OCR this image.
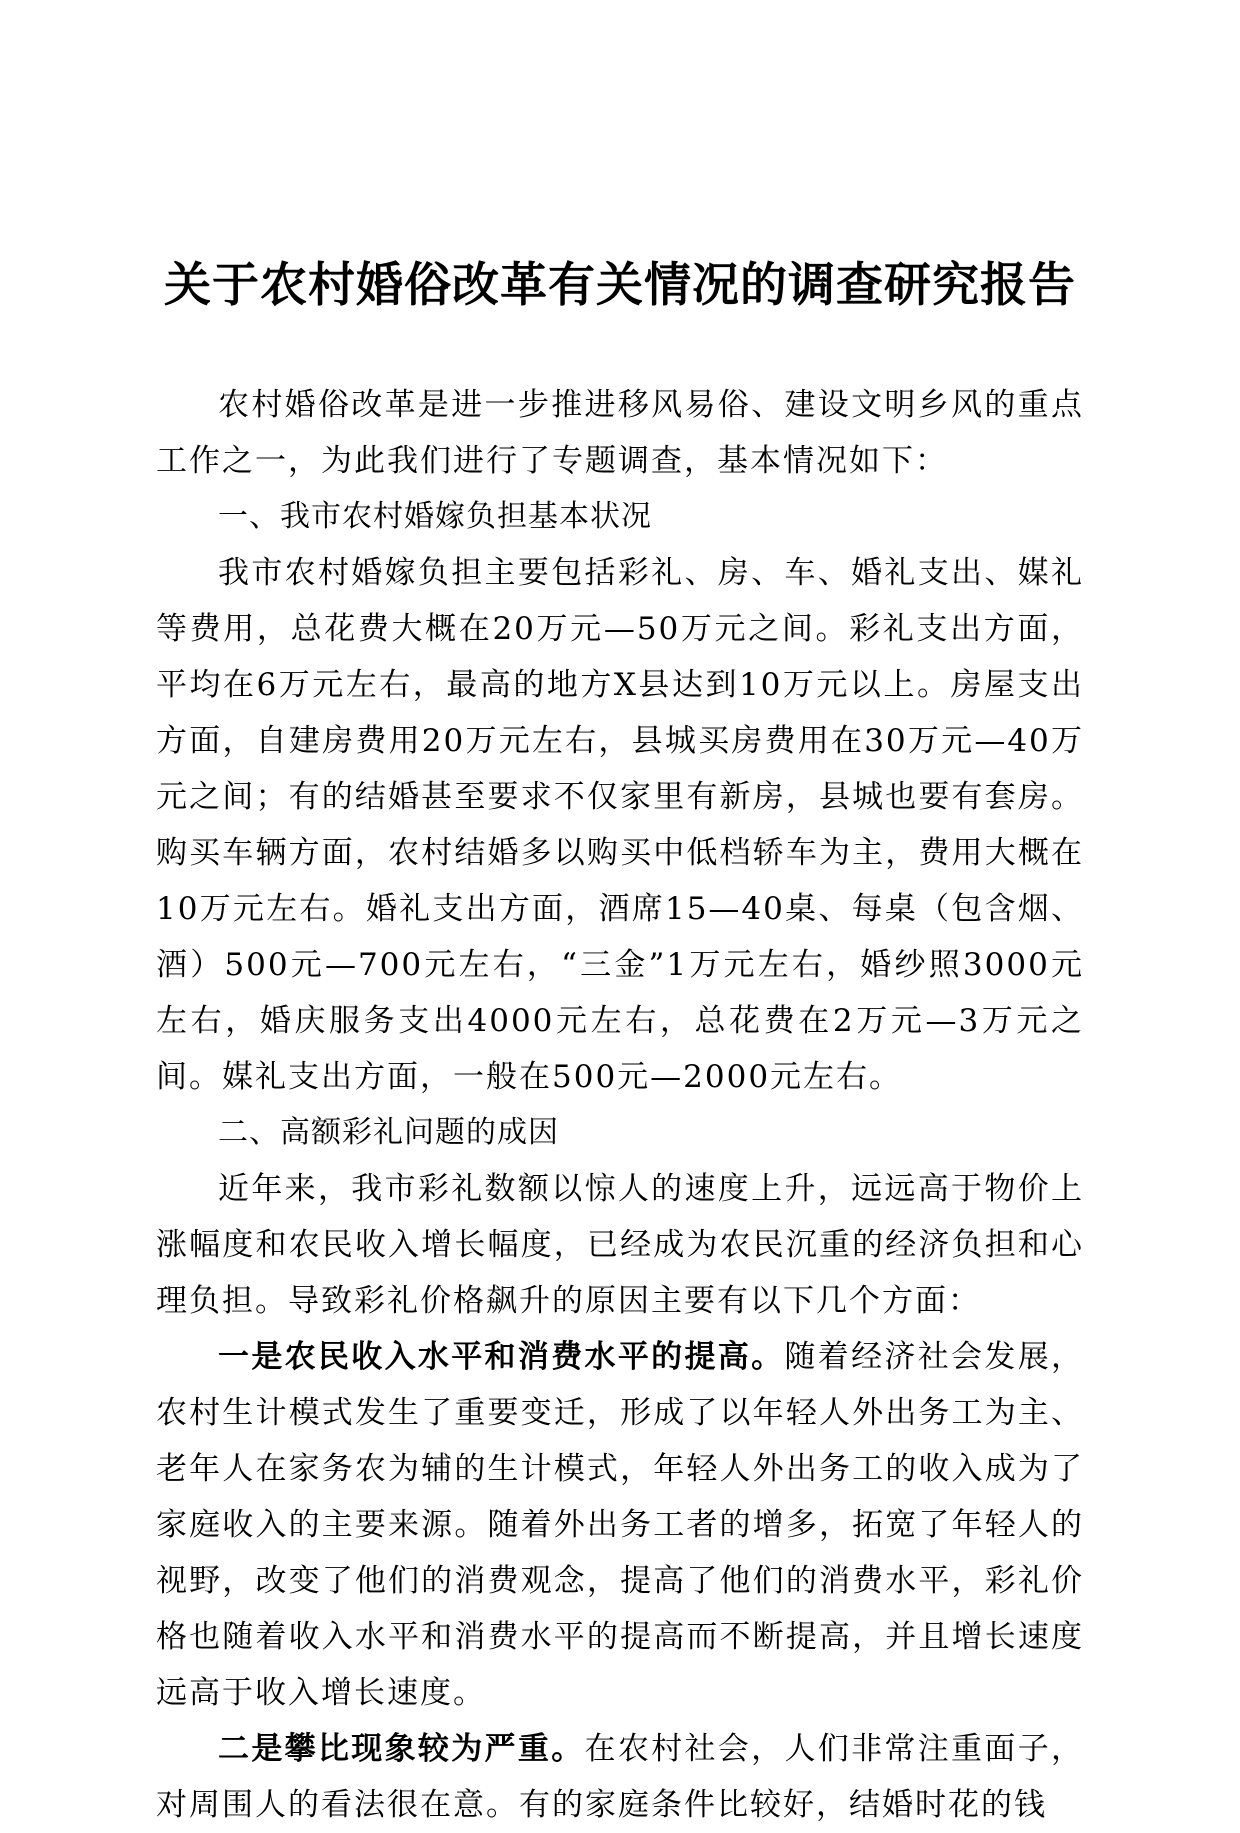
关于农村婚俗改革有关情况的调查研究报告

农村婚俗改革是进一步推进移风易俗、建设文明乡风的重点工作之一，为此我们进行了专题调查，基本情况如下：

一、我市农村婚嫁负担基本状况

我市农村婚嫁负担主要包括彩礼、房、车、婚礼支出、媒礼等费用，总花费大概在20万元—50万元之间。彩礼支出方面，平均在6万元左右，最高的地方X县达到10万元以上。房屋支出方面，自建房费用20万元左右，县城买房费用在30万元—40万元之间；有的结婚甚至要求不仅家里有新房，县城也要有套房。购买车辆方面，农村结婚多以购买中低档轿车为主，费用大概在10万元左右。婚礼支出方面，酒席15—40桌、每桌（包含烟、酒）500元—700元左右，“三金”1万元左右，婚纱照3000元左右，婚庆服务支出4000元左右，总花费在2万元—3万元之间。媒礼支出方面，一般在500元—2000元左右。

二、高额彩礼问题的成因

近年来，我市彩礼数额以惊人的速度上升，远远高于物价上涨幅度和农民收入增长幅度，已经成为农民沉重的经济负担和心理负担。导致彩礼价格飙升的原因主要有以下几个方面：

一是农民收入水平和消费水平的提高。随着经济社会发展，农村生计模式发生了重要变迁，形成了以年轻人外出务工为主、老年人在家务农为辅的生计模式，年轻人外出务工的收入成为了家庭收入的主要来源。随着外出务工者的增多，拓宽了年轻人的视野，改变了他们的消费观念，提高了他们的消费水平，彩礼价格也随着收入水平和消费水平的提高而不断提高，并且增长速度远高于收入增长速度。

二是攀比现象较为严重。在农村社会，人们非常注重面子，对周围人的看法很在意。有的家庭条件比较好，结婚时花的钱
